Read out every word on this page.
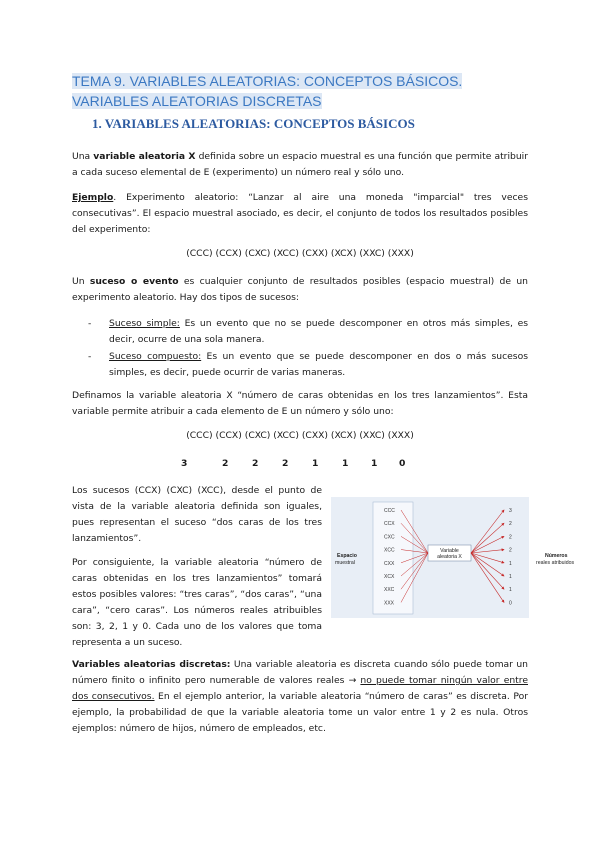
TEMA 9. VARIABLES ALEATORIAS: CONCEPTOS BÁSICOS.
VARIABLES ALEATORIAS DISCRETAS
1. VARIABLES ALEATORIAS: CONCEPTOS BÁSICOS

Una variable aleatoria X definida sobre un espacio muestral es una función que permite atribuir a cada suceso elemental de E (experimento) un número real y sólo uno.

Ejemplo. Experimento aleatorio: “Lanzar al aire una moneda "imparcial" tres veces consecutivas”. El espacio muestral asociado, es decir, el conjunto de todos los resultados posibles del experimento:

(CCC) (CCX) (CXC) (XCC) (CXX) (XCX) (XXC) (XXX)

Un suceso o evento es cualquier conjunto de resultados posibles (espacio muestral) de un experimento aleatorio. Hay dos tipos de sucesos:

- Suceso simple: Es un evento que no se puede descomponer en otros más simples, es decir, ocurre de una sola manera.
- Suceso compuesto: Es un evento que se puede descomponer en dos o más sucesos simples, es decir, puede ocurrir de varias maneras.

Definamos la variable aleatoria X “número de caras obtenidas en los tres lanzamientos”. Esta variable permite atribuir a cada elemento de E un número y sólo uno:

(CCC) (CCX) (CXC) (XCC) (CXX) (XCX) (XXC) (XXX)
3	2	2	2	1	1 1 0

Los sucesos (CCX) (CXC) (XCC), desde el punto de vista de la variable aleatoria definida son iguales, pues representan el suceso “dos caras de los tres lanzamientos”.

Por consiguiente, la variable aleatoria “número de caras obtenidas en los tres lanzamientos” tomará estos posibles valores: “tres caras”, “dos caras”, “una cara”, “cero caras”. Los números reales atribuibles son: 3, 2, 1 y 0. Cada uno de los valores que toma representa a un suceso.

CCC
CCX
CXC
XCC
CXX
XCX
XXC
XXX
3
2
2
2
1
1
1
0
Espacio
muestral
Variable
aleatoria X	Números
reales atribuidos

Variables aleatorias discretas: Una variable aleatoria es discreta cuando sólo puede tomar un número finito o infinito pero numerable de valores reales → no puede tomar ningún valor entre dos consecutivos. En el ejemplo anterior, la variable aleatoria “número de caras” es discreta. Por ejemplo, la probabilidad de que la variable aleatoria tome un valor entre 1 y 2 es nula. Otros ejemplos: número de hijos, número de empleados, etc.
